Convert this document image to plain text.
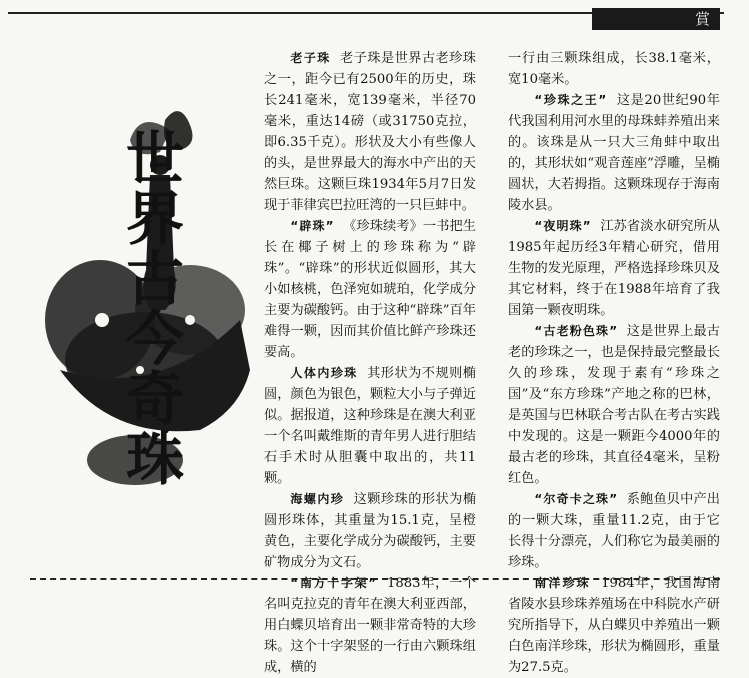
賞
世界古今奇珠

老子珠 老子珠是世界古老珍珠之一，距今已有2500年的历史，珠长241毫米，宽139毫米，半径70毫米，重达14磅（或31750克拉，即6.35千克）。形状及大小有些像人的头，是世界最大的海水中产出的天然巨珠。这颗巨珠1934年5月7日发现于菲律宾巴拉旺湾的一只巨蚌中。

“辟珠” 《珍珠续考》一书把生长在椰子树上的珍珠称为“辟珠”。“辟珠”的形状近似圆形，其大小如核桃，色泽宛如琥珀，化学成分主要为碳酸钙。由于这种“辟珠”百年难得一颗，因而其价值比鲜产珍珠还要高。

人体内珍珠 其形状为不规则椭圆，颜色为银色，颗粒大小与子弹近似。据报道，这种珍珠是在澳大利亚一个名叫戴维斯的青年男人进行胆结石手术时从胆囊中取出的，共11颗。

海螺内珍 这颗珍珠的形状为椭圆形珠体，其重量为15.1克，呈橙黄色，主要化学成分为碳酸钙，主要矿物成分为文石。

“南方十字架” 1883年，一个名叫克拉克的青年在澳大利亚西部，用白蝶贝培育出一颗非常奇特的大珍珠。这个十字架竖的一行由六颗珠组成，横的

一行由三颗珠组成，长38.1毫米，宽10毫米。

“珍珠之王” 这是20世纪90年代我国利用河水里的母珠蚌养殖出来的。该珠是从一只大三角蚌中取出的，其形状如“观音莲座”浮雕，呈椭圆状，大若拇指。这颗珠现存于海南陵水县。

“夜明珠” 江苏省淡水研究所从1985年起历经3年精心研究，借用生物的发光原理，严格选择珍珠贝及其它材料，终于在1988年培育了我国第一颗夜明珠。

“古老粉色珠” 这是世界上最古老的珍珠之一，也是保持最完整最长久的珍珠，发现于素有“珍珠之国”及“东方珍珠”产地之称的巴林，是英国与巴林联合考古队在考古实践中发现的。这是一颗距今4000年的最古老的珍珠，其直径4毫米，呈粉红色。

“尔奇卡之珠” 系鲍鱼贝中产出的一颗大珠，重量11.2克，由于它长得十分漂亮，人们称它为最美丽的珍珠。

南洋珍珠 1984年，我国海南省陵水县珍珠养殖场在中科院水产研究所指导下，从白蝶贝中养殖出一颗白色南洋珍珠，形状为椭圆形，重量为27.5克。
